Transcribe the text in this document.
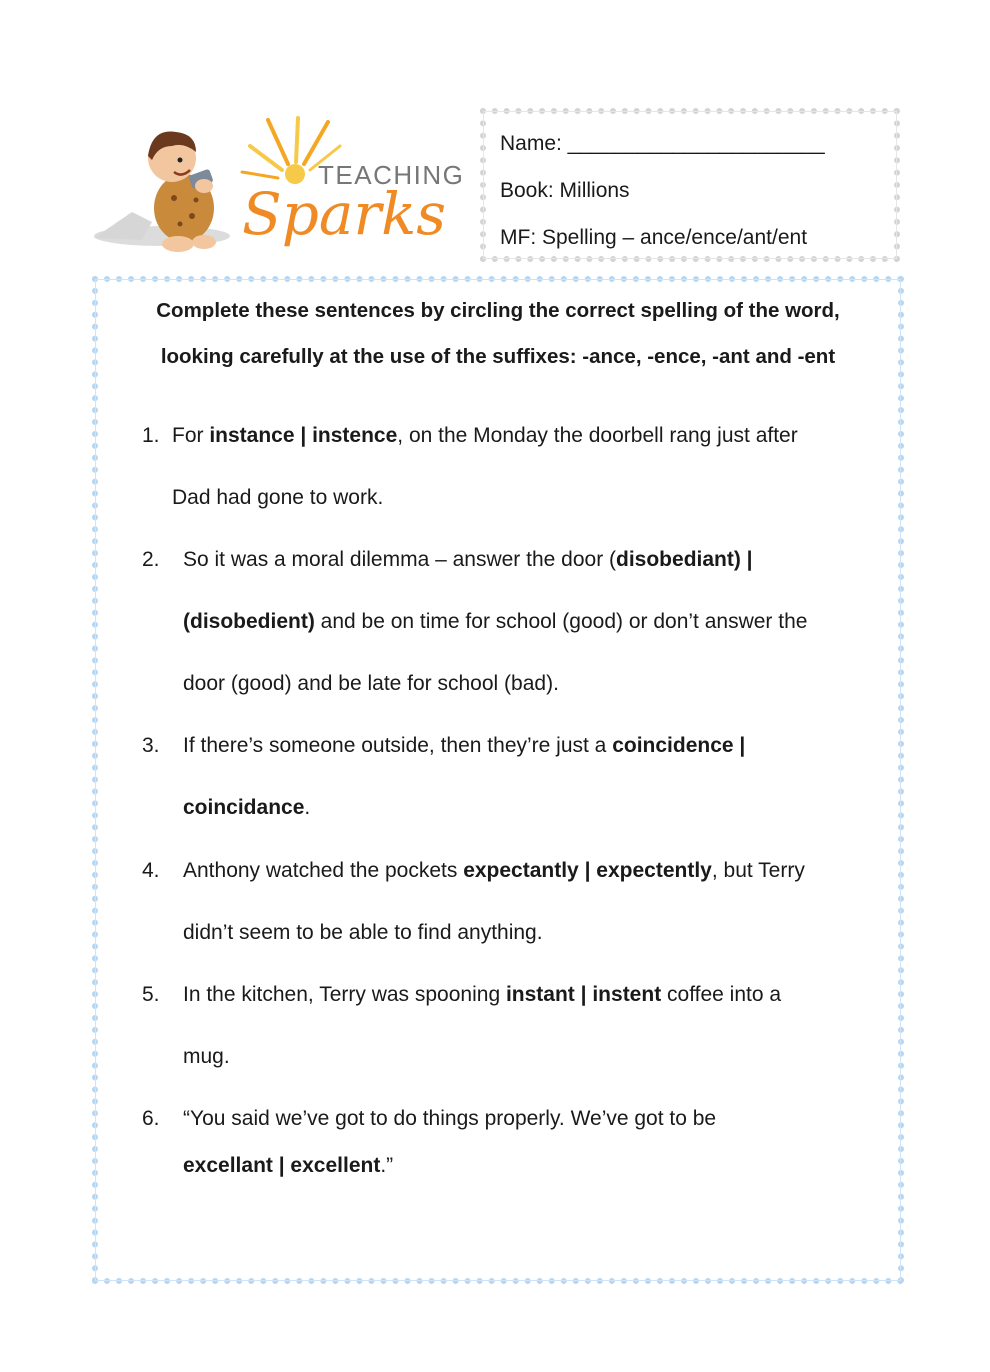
TEACHING
Sparks
Name: ______________________
Book: Millions
MF: Spelling – ance/ence/ant/ent
Complete these sentences by circling the correct spelling of the word,
looking carefully at the use of the suffixes: -ance, -ence, -ant and -ent
1. For instance | instence, on the Monday the doorbell rang just after
Dad had gone to work.
2. So it was a moral dilemma – answer the door (disobediant) |
(disobedient) and be on time for school (good) or don’t answer the
door (good) and be late for school (bad).
3. If there’s someone outside, then they’re just a coincidence |
coincidance.
4. Anthony watched the pockets expectantly | expectently, but Terry
didn’t seem to be able to find anything.
5. In the kitchen, Terry was spooning instant | instent coffee into a
mug.
6. “You said we’ve got to do things properly. We’ve got to be
excellant | excellent.”
